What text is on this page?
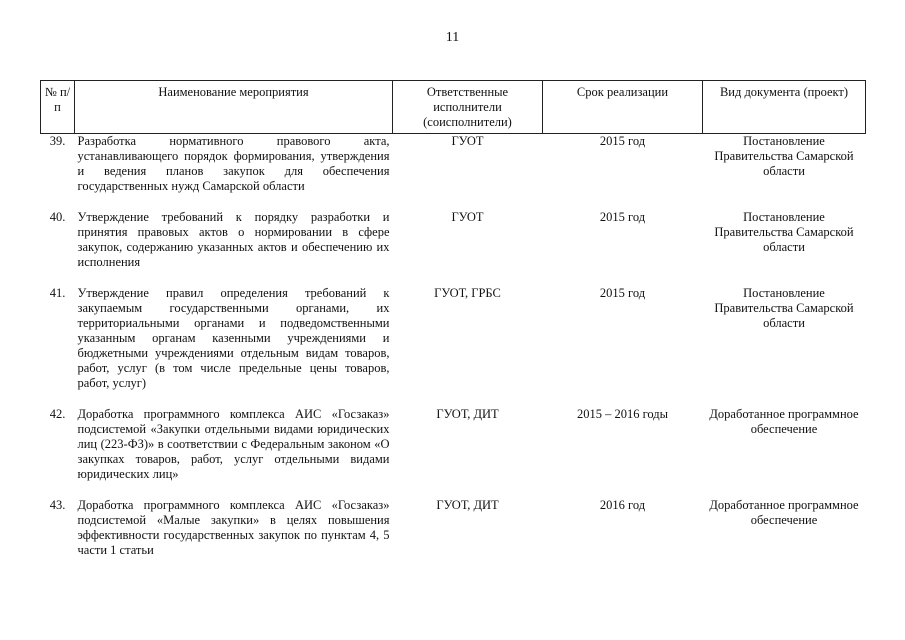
11
№ п/п	Наименование мероприятия	Ответственные исполнители (соисполнители)	Срок реализации	Вид документа (проект)
39.	Разработка нормативного правового акта, устанавливающего порядок формирования, утверждения и ведения планов закупок для обеспечения государственных нужд Самарской области	ГУОТ	2015 год	Постановление Правительства Самарской области
40.	Утверждение требований к порядку разработки и принятия правовых актов о нормировании в сфере закупок, содержанию указанных актов и обеспечению их исполнения	ГУОТ	2015 год	Постановление Правительства Самарской области
41.	Утверждение правил определения требований к закупаемым государственными органами, их территориальными органами и подведомственными указанным органам казенными учреждениями и бюджетными учреждениями отдельным видам товаров, работ, услуг (в том числе предельные цены товаров, работ, услуг)	ГУОТ, ГРБС	2015 год	Постановление Правительства Самарской области
42.	Доработка программного комплекса АИС «Госзаказ» подсистемой «Закупки отдельными видами юридических лиц (223-ФЗ)» в соответствии с Федеральным законом «О закупках товаров, работ, услуг отдельными видами юридических лиц»	ГУОТ, ДИТ	2015 – 2016 годы	Доработанное программное обеспечение
43.	Доработка программного комплекса АИС «Госзаказ» подсистемой «Малые закупки» в целях повышения эффективности государственных закупок по пунктам 4, 5 части 1 статьи	ГУОТ, ДИТ	2016 год	Доработанное программное обеспечение
